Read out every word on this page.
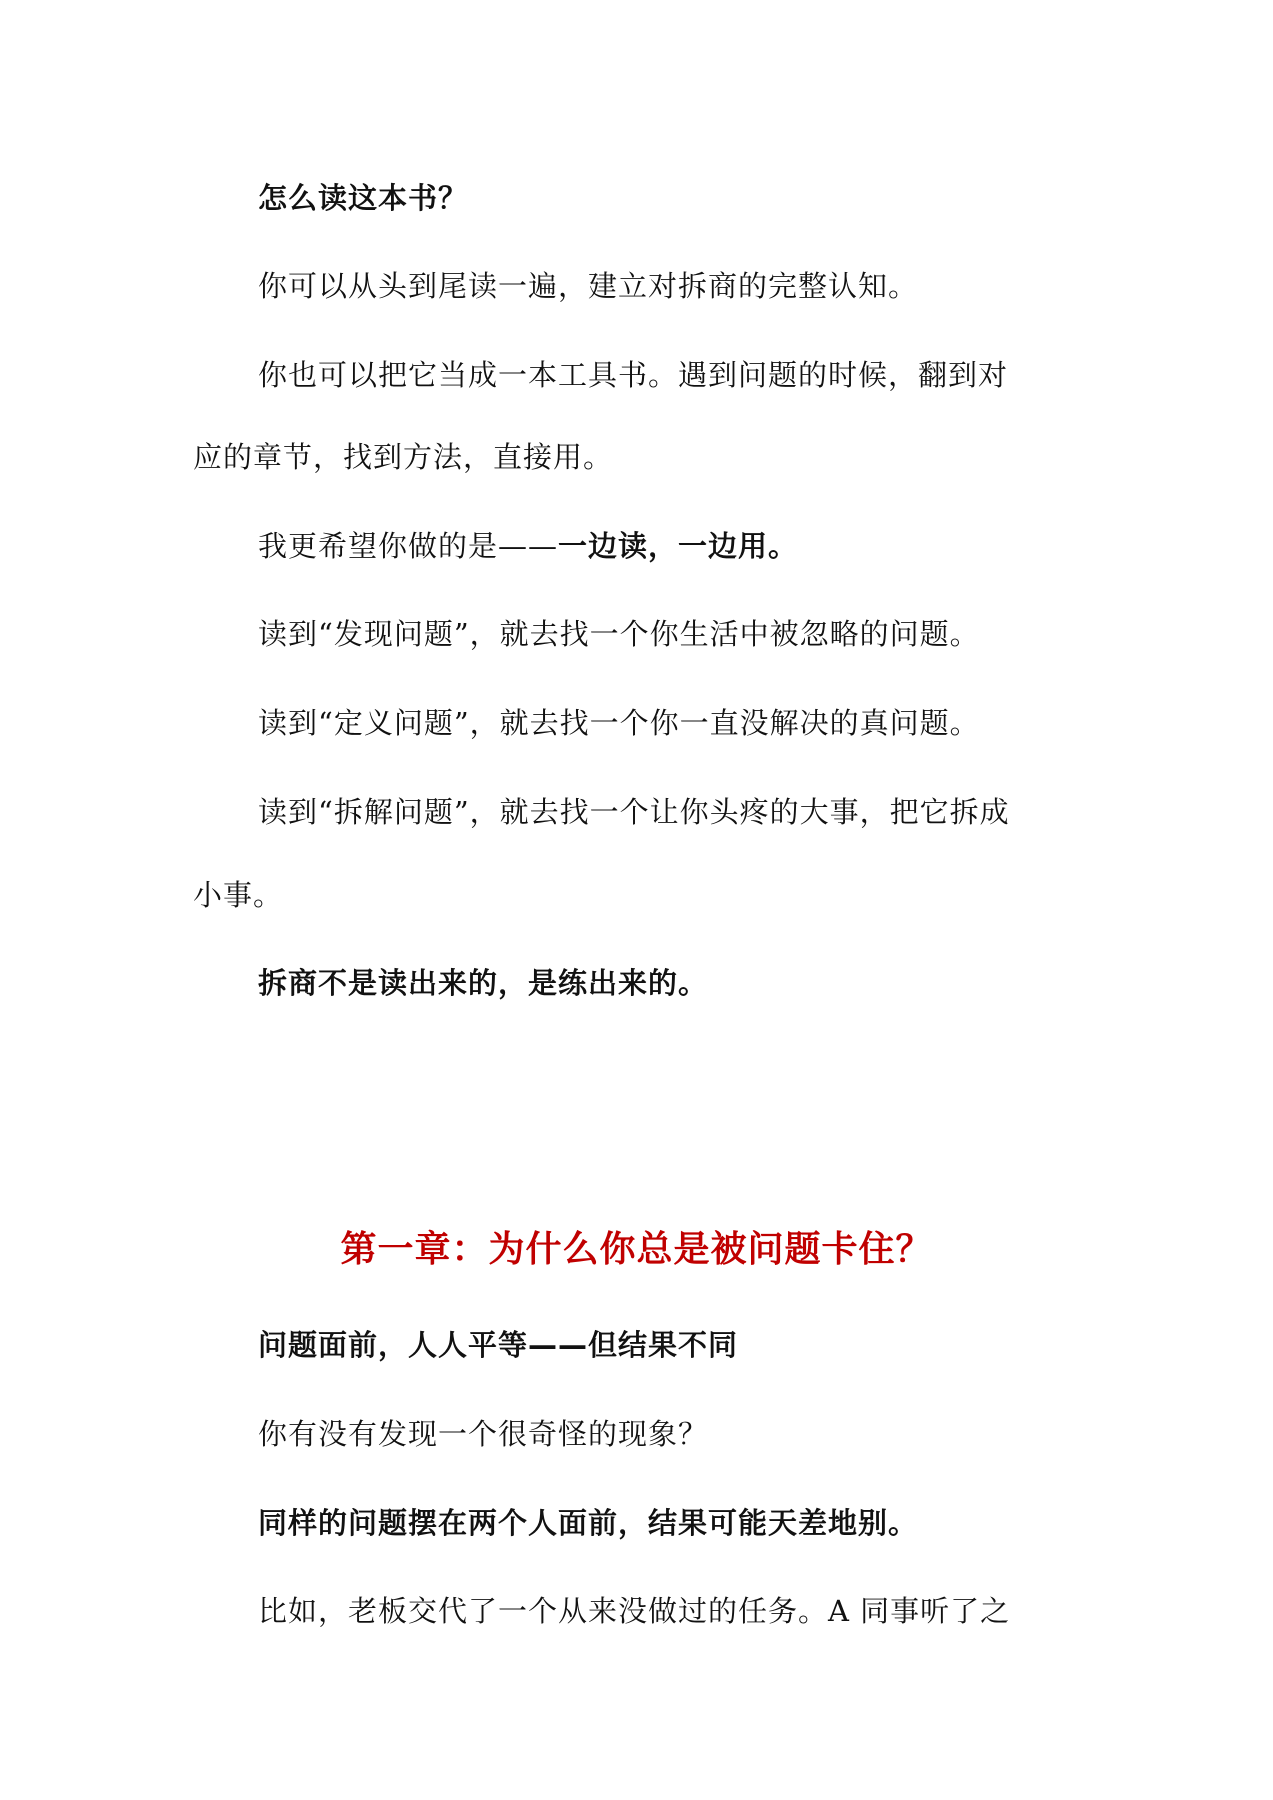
怎么读这本书？
你可以从头到尾读一遍，建立对拆商的完整认知。
你也可以把它当成一本工具书。遇到问题的时候，翻到对
应的章节，找到方法，直接用。
我更希望你做的是——一边读，一边用。
读到“发现问题”，就去找一个你生活中被忽略的问题。
读到“定义问题”，就去找一个你一直没解决的真问题。
读到“拆解问题”，就去找一个让你头疼的大事，把它拆成
小事。
拆商不是读出来的，是练出来的。
第一章：为什么你总是被问题卡住？
问题面前，人人平等——但结果不同
你有没有发现一个很奇怪的现象？
同样的问题摆在两个人面前，结果可能天差地别。
比如，老板交代了一个从来没做过的任务。A 同事听了之
